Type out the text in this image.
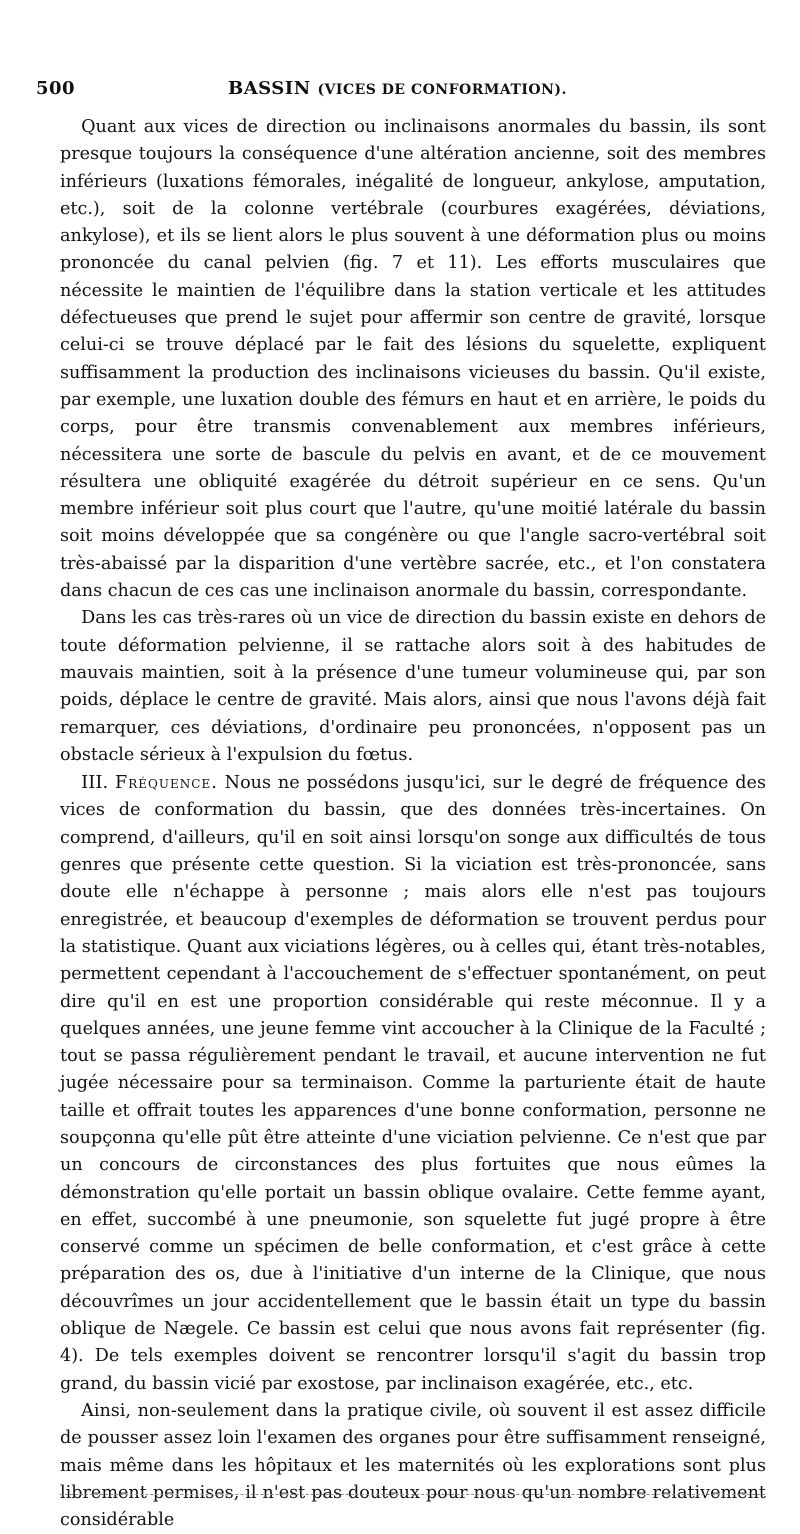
500	BASSIN (VICES DE CONFORMATION).

Quant aux vices de direction ou inclinaisons anormales du bassin, ils sont presque toujours la conséquence d'une altération ancienne, soit des membres inférieurs (luxations fémorales, inégalité de longueur, ankylose, amputation, etc.), soit de la colonne vertébrale (courbures exagérées, déviations, ankylose), et ils se lient alors le plus souvent à une déformation plus ou moins prononcée du canal pelvien (fig. 7 et 11). Les efforts musculaires que nécessite le maintien de l'équilibre dans la station verticale et les attitudes défectueuses que prend le sujet pour affermir son centre de gravité, lorsque celui-ci se trouve déplacé par le fait des lésions du squelette, expliquent suffisamment la production des inclinaisons vicieuses du bassin. Qu'il existe, par exemple, une luxation double des fémurs en haut et en arrière, le poids du corps, pour être transmis convenablement aux membres inférieurs, nécessitera une sorte de bascule du pelvis en avant, et de ce mouvement résultera une obliquité exagérée du détroit supérieur en ce sens. Qu'un membre inférieur soit plus court que l'autre, qu'une moitié latérale du bassin soit moins développée que sa congénère ou que l'angle sacro-vertébral soit très-abaissé par la disparition d'une vertèbre sacrée, etc., et l'on constatera dans chacun de ces cas une inclinaison anormale du bassin, correspondante.

Dans les cas très-rares où un vice de direction du bassin existe en dehors de toute déformation pelvienne, il se rattache alors soit à des habitudes de mauvais maintien, soit à la présence d'une tumeur volumineuse qui, par son poids, déplace le centre de gravité. Mais alors, ainsi que nous l'avons déjà fait remarquer, ces déviations, d'ordinaire peu prononcées, n'opposent pas un obstacle sérieux à l'expulsion du fœtus.

III. Fréquence. Nous ne possédons jusqu'ici, sur le degré de fréquence des vices de conformation du bassin, que des données très-incertaines. On comprend, d'ailleurs, qu'il en soit ainsi lorsqu'on songe aux difficultés de tous genres que présente cette question. Si la viciation est très-prononcée, sans doute elle n'échappe à personne ; mais alors elle n'est pas toujours enregistrée, et beaucoup d'exemples de déformation se trouvent perdus pour la statistique. Quant aux viciations légères, ou à celles qui, étant très-notables, permettent cependant à l'accouchement de s'effectuer spontanément, on peut dire qu'il en est une proportion considérable qui reste méconnue. Il y a quelques années, une jeune femme vint accoucher à la Clinique de la Faculté ; tout se passa régulièrement pendant le travail, et aucune intervention ne fut jugée nécessaire pour sa terminaison. Comme la parturiente était de haute taille et offrait toutes les apparences d'une bonne conformation, personne ne soupçonna qu'elle pût être atteinte d'une viciation pelvienne. Ce n'est que par un concours de circonstances des plus fortuites que nous eûmes la démonstration qu'elle portait un bassin oblique ovalaire. Cette femme ayant, en effet, succombé à une pneumonie, son squelette fut jugé propre à être conservé comme un spécimen de belle conformation, et c'est grâce à cette préparation des os, due à l'initiative d'un interne de la Clinique, que nous découvrîmes un jour accidentellement que le bassin était un type du bassin oblique de Nægele. Ce bassin est celui que nous avons fait représenter (fig. 4). De tels exemples doivent se rencontrer lorsqu'il s'agit du bassin trop grand, du bassin vicié par exostose, par inclinaison exagérée, etc., etc.

Ainsi, non-seulement dans la pratique civile, où souvent il est assez difficile de pousser assez loin l'examen des organes pour être suffisamment renseigné, mais même dans les hôpitaux et les maternités où les explorations sont plus librement permises, il n'est pas douteux pour nous qu'un nombre relativement considérable
